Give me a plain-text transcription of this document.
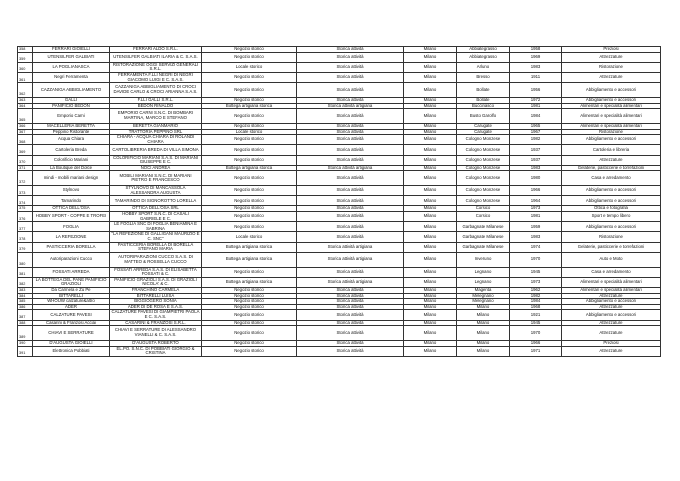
358	FERRARI GIOIELLI	FERRARI ALDO S.R.L.	Negozio storico	Storica attività	Milano	Abbiategrasso	1958	Preziosi
359	UTENSILFER GALBIATI	UTENSILFER GALBIATI ILARIA & C. S.A.S.	Negozio storico	Storica attività	Milano	Abbiategrasso	1969	Attrezzature
360	LA POGLIANASCA	RISTORAZIONE OGGI SERVIZI GENERALI S.R.L.	Locale storico	Storica attività	Milano	Arluno	1983	Ristorazione
361	Negri Ferramenta	FERRAMENTA F.LLI NEGRI DI NEGRI GIACOMO LUIGI E C. S.A.S.	Negozio storico	Storica attività	Milano	Bresso	1911	Attrezzature
362	CAZZANIGA ABBIGLIAMENTO	CAZZANIGA ABBIGLIAMENTO DI CROCI DAVIDE CARLO & CROCI ARIANNA S.A.S.	Negozio storico	Storica attività	Milano	Bollate	1956	Abbigliamento e accessori
363	GALLI	F.LLI GALLI S.R.L.	Negozio storico	Storica attività	Milano	Bollate	1972	Abbigliamento e accessori
364	PANIFICIO BEDON	BEDON RINALDO	Bottega artigiana storica	Storica attività artigiana	Milano	Buccinasco	1981	Alimentari e specialità alimentari
365	Emporio Carni	EMPORIO CARNI S.N.C. DI BOMBARI MARTINA, MARCO E STEFANO	Negozio storico	Storica attività	Milano	Busto Garolfo	1984	Alimentari e specialità alimentari
366	MACELLERIA BERETTA	BERETTA GIANMARIO	Negozio storico	Storica attività	Milano	Carugate	1965	Alimentari e specialità alimentari
367	Peppino Ristorante	TRATTORIA PEPPINO SRL	Locale storico	Storica attività	Milano	Carugate	1967	Ristorazione
368	Acqua Chiara	CHIARA - ACQUA CHIARA DI ROLANDI CHIARA	Negozio storico	Storica attività	Milano	Cologno Monzese	1982	Abbigliamento e accessori
369	Cartoleria Breda	CARTOLIBRERIA BREDA DI VILLA SIMONA	Negozio storico	Storica attività	Milano	Cologno Monzese	1937	Cartoleria e libreria
370	Colorificio Mariani	COLORIFICIO MARIANI S.A.S. DI MARIANI GIUSEPPE E C.	Negozio storico	Storica attività	Milano	Cologno Monzese	1937	Attrezzature
371	La Boutique del Dolce	NOCI ANDREA	Bottega artigiana storica	Storica attività artigiana	Milano	Cologno Monzese	1983	Gelaterie, pasticcerie e torrefazioni
372	mindi - mobili mariani design	MOBILI MARIANI S.N.C. DI MARIANI PIETRO E FRANCESCO	Negozio storico	Storica attività	Milano	Cologno Monzese	1980	Casa e arredamento
373	Stylnovo	STYLNOVO DI MANCASSOLA ALESSANDRA AUGUSTA	Negozio storico	Storica attività	Milano	Cologno Monzese	1966	Abbigliamento e accessori
374	Tamarindo	TAMARINDO DI SIGNOROTTO LORELLA	Negozio storico	Storica attività	Milano	Cologno Monzese	1964	Abbigliamento e accessori
375	OTTICA DELL'OSA	OTTICA DELL'OSA SRL	Negozio storico	Storica attività	Milano	Corsico	1973	Ottica e fotografia
376	HOBBY SPORT - COPPE E TROFEI	HOBBY SPORT S.N.C. DI CASALI GABRIELE E C.	Negozio storico	Storica attività	Milano	Corsico	1981	Sport e tempo libero
377	FOGLIA	LE FOGLIA SNC DI FOGLIA BENIAMINA E SABRINA	Negozio storico	Storica attività	Milano	Garbagnate Milanese	1959	Abbigliamento e accessori
378	LA REFEZIONE	"LA REFEZIONE DI GALLIGANI MAURIZIO E C. SNC"	Locale storico	Storica attività	Milano	Garbagnate Milanese	1983	Ristorazione
379	PASTICCERIA BORELLA	PASTICCERIA BORELLA DI BORELLA STEFANO MARIA	Bottega artigiana storica	Storica attività artigiana	Milano	Garbagnate Milanese	1974	Gelaterie, pasticcerie e torrefazioni
380	Autoriparazioni Cucco	AUTORIPARAZIONI CUCCO S.A.S. DI MATTEO & ROSSELLA CUCCO	Bottega artigiana storica	Storica attività artigiana	Milano	Inveruno	1970	Auto e Moto
381	FOSSATI ARREDA	FOSSATI ARREDA S.A.S. DI ELISABETTA FOSSATI & C.	Negozio storico	Storica attività	Milano	Legnano	1945	Casa e arredamento
382	LA BOTTEGA DEL PANE PANIFICIO GRAZIOLI	PANIFICIO GRAZIOLI S.A.S. DI GRAZIOLI NICOLA' & C.	Bottega artigiana storica	Storica attività artigiana	Milano	Legnano	1973	Alimentari e specialità alimentari
383	Da Carmela e Zu Pe	FRANCHINO CARMELA	Negozio storico	Storica attività	Milano	Magenta	1962	Alimentari e specialità alimentari
384	BITTARELLI	BITTARELLI LUISA	Negozio storico	Storica attività	Milano	Melegnano	1982	Attrezzature
385	WHOUW calzature&altro	BIGGIOGERO SONIA	Negozio storico	Storica attività	Milano	Melegnano	1984	Abbigliamento e accessori
386	ADER	ADER DI DE ROSA E S.A.S.	Negozio storico	Storica attività	Milano	Milano	1968	Attrezzature
387	CALZATURE PAVESI	CALZATURE PAVESI DI GIAMPIETRI PAOLA E C. S.A.S.	Negozio storico	Storica attività	Milano	Milano	1921	Abbigliamento e accessori
388	Casarini & Franzosi Acciai	CASARINI & FRANZOSI S.R.L.	Negozio storico	Storica attività	Milano	Milano	1945	Attrezzature
389	CHIAVI E SERRATURE	CHIAVI E SERRATURE DI ALESSANDRO VIANELLI & C. S.A.S.	Negozio storico	Storica attività	Milano	Milano	1970	Attrezzature
390	D'AUGUSTA GIOIELLI	D'AUGUSTA ROBERTO	Negozio storico	Storica attività	Milano	Milano	1966	Preziosi
391	Elettronica Pobbiati	EL.PO. S.N.C. DI POBBIATI GIORGIO & CRISTINA	Negozio storico	Storica attività	Milano	Milano	1971	Attrezzature
